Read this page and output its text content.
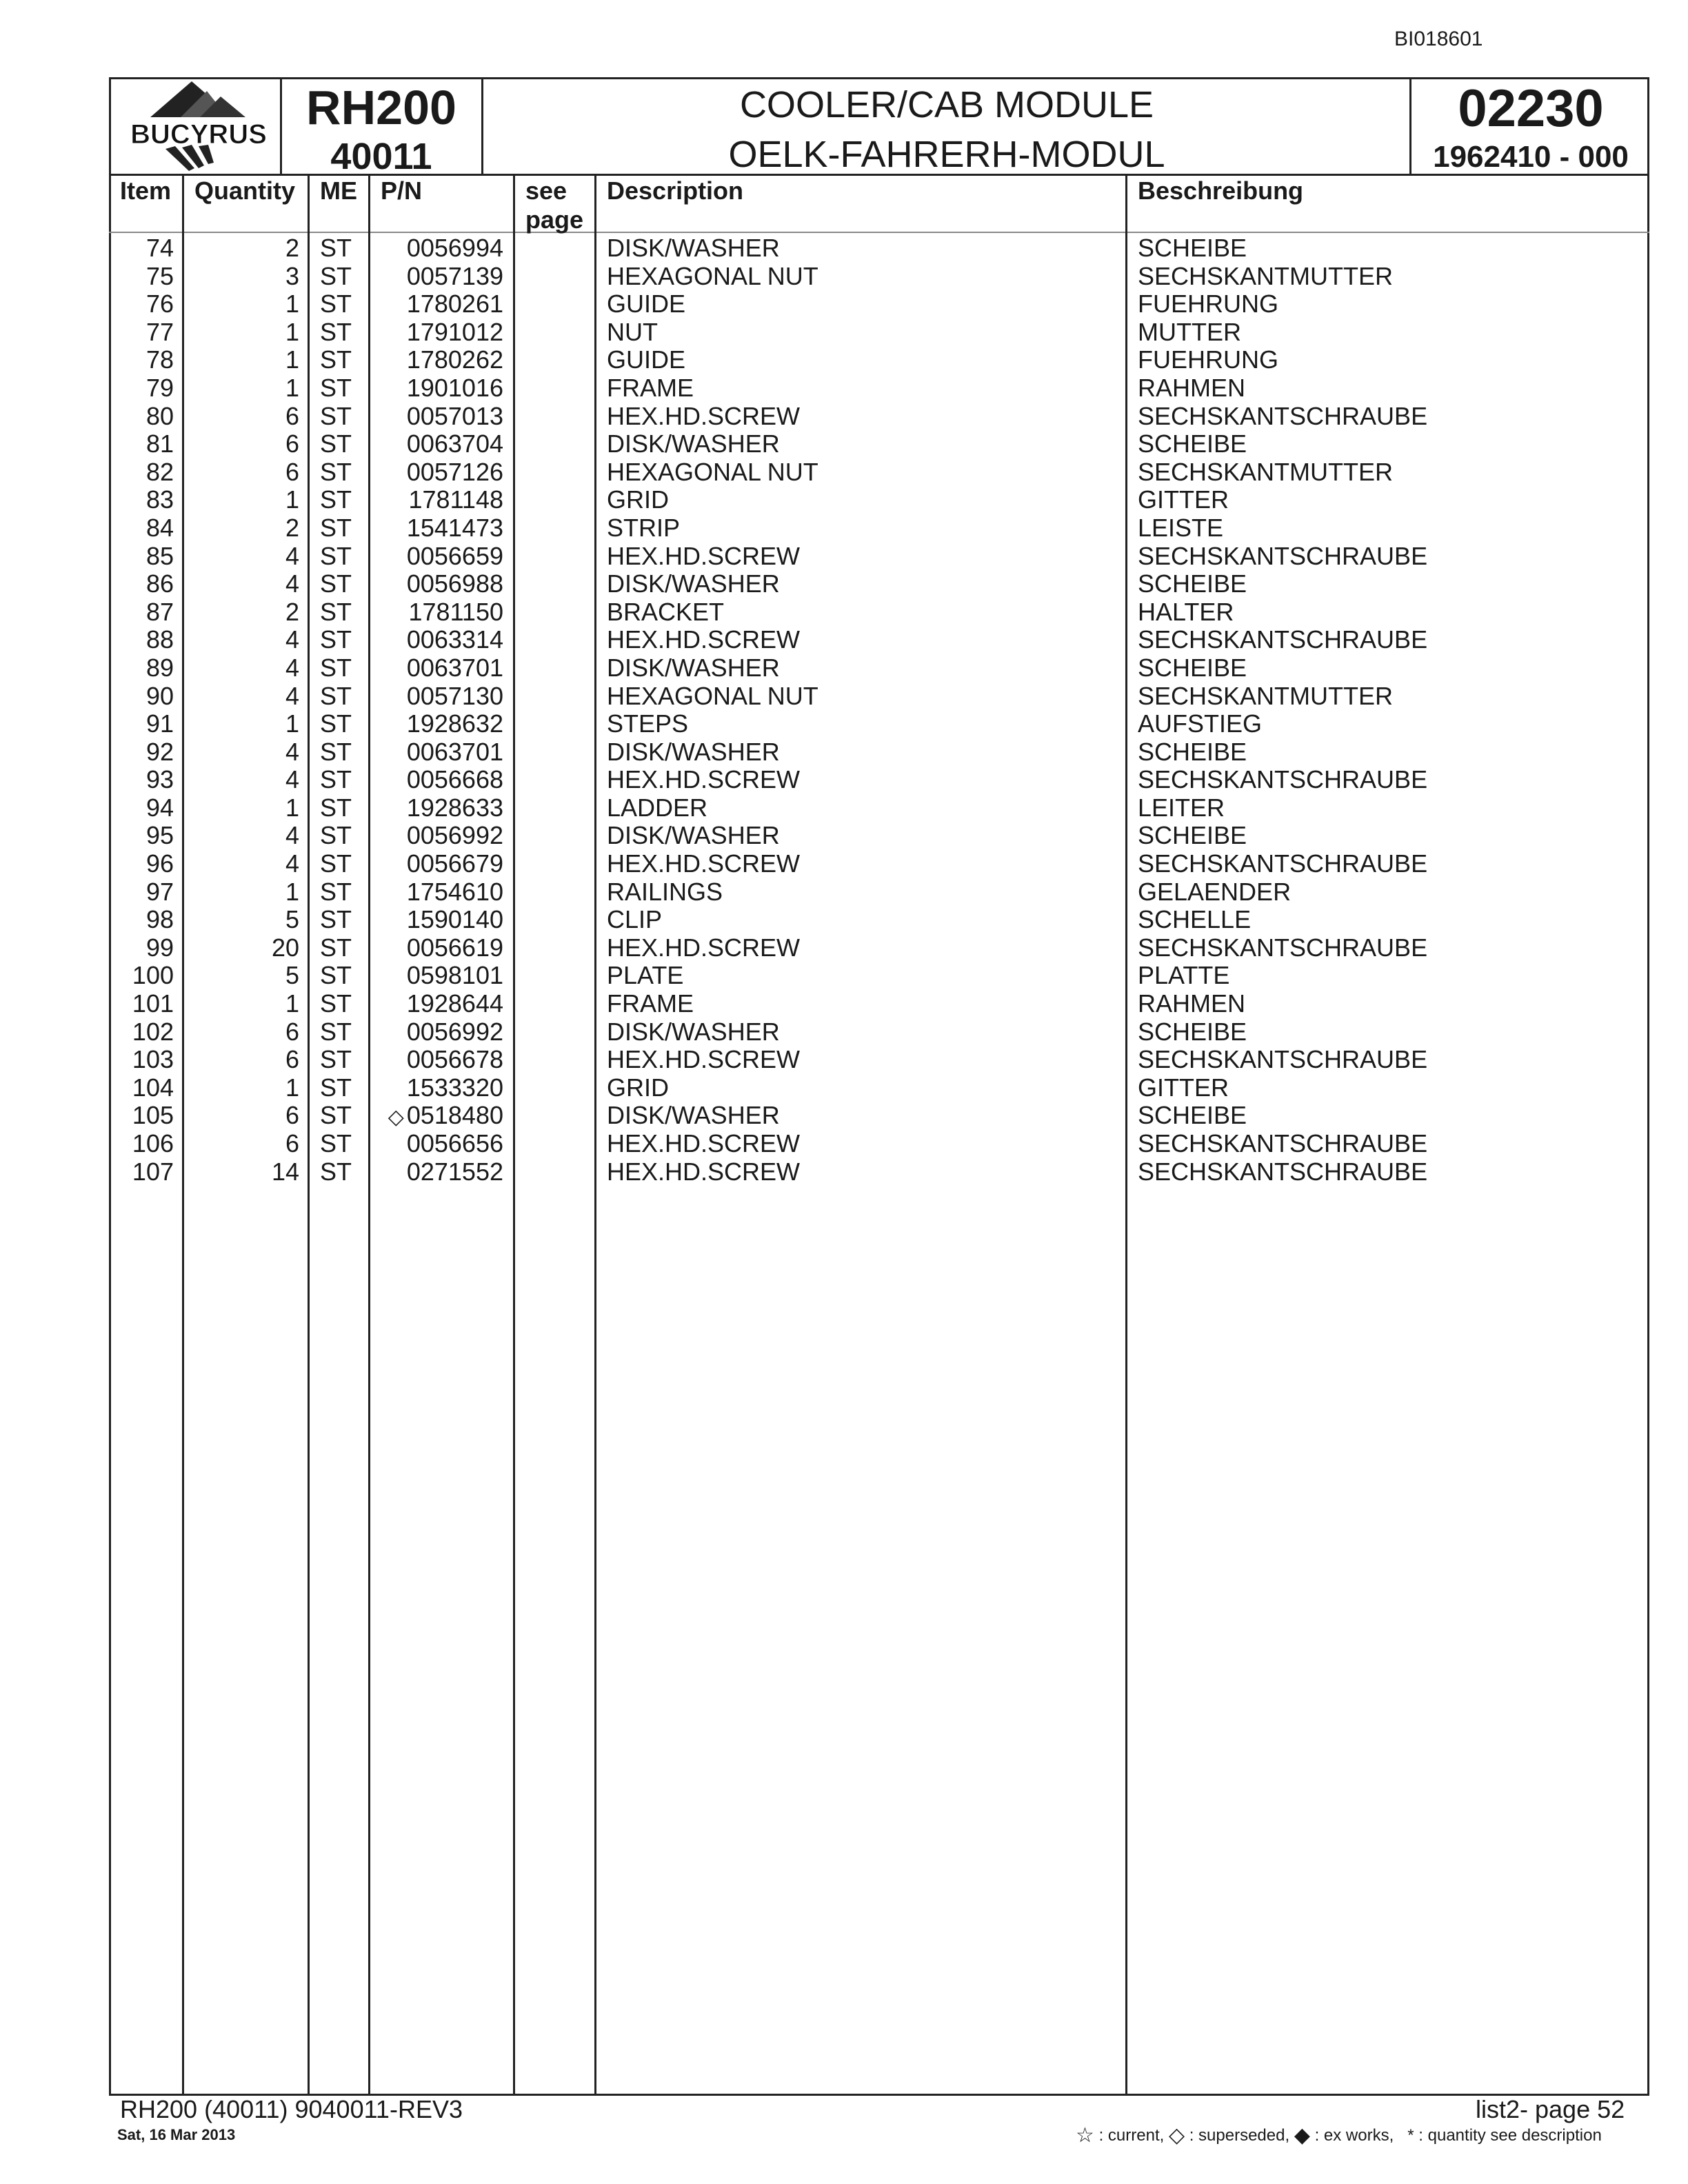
BI018601
BUCYRUS RH200
40011
COOLER/CAB MODULE
OELK-FAHRERH-MODUL
02230
1962410 - 000
Item Quantity ME P/N	see
page
Description	Beschreibung
74	2 ST	0056994	DISK/WASHER	SCHEIBE
75	3 ST	0057139	HEXAGONAL NUT	SECHSKANTMUTTER
76	1 ST	1780261	GUIDE	FUEHRUNG
77	1 ST	1791012	NUT	MUTTER
78	1 ST	1780262	GUIDE	FUEHRUNG
79	1 ST	1901016	FRAME	RAHMEN
80	6 ST	0057013	HEX.HD.SCREW	SECHSKANTSCHRAUBE
81	6 ST	0063704	DISK/WASHER	SCHEIBE
82	6 ST	0057126	HEXAGONAL NUT	SECHSKANTMUTTER
83	1 ST	1781148	GRID	GITTER
84	2 ST	1541473	STRIP	LEISTE
85	4 ST	0056659	HEX.HD.SCREW	SECHSKANTSCHRAUBE
86	4 ST	0056988	DISK/WASHER	SCHEIBE
87	2 ST	1781150	BRACKET	HALTER
88	4 ST	0063314	HEX.HD.SCREW	SECHSKANTSCHRAUBE
89	4 ST	0063701	DISK/WASHER	SCHEIBE
90	4 ST	0057130	HEXAGONAL NUT	SECHSKANTMUTTER
91	1 ST	1928632	STEPS	AUFSTIEG
92	4 ST	0063701	DISK/WASHER	SCHEIBE
93	4 ST	0056668	HEX.HD.SCREW	SECHSKANTSCHRAUBE
94	1 ST	1928633	LADDER	LEITER
95	4 ST	0056992	DISK/WASHER	SCHEIBE
96	4 ST	0056679	HEX.HD.SCREW	SECHSKANTSCHRAUBE
97	1 ST	1754610	RAILINGS	GELAENDER
98	5 ST	1590140	CLIP	SCHELLE
99	20 ST	0056619	HEX.HD.SCREW	SECHSKANTSCHRAUBE
100	5 ST	0598101	PLATE	PLATTE
101	1 ST	1928644	FRAME	RAHMEN
102	6 ST	0056992	DISK/WASHER	SCHEIBE
103	6 ST	0056678	HEX.HD.SCREW	SECHSKANTSCHRAUBE
104	1 ST	1533320	GRID	GITTER
105	6 ST	◇ 0518480	DISK/WASHER	SCHEIBE
106	6 ST	0056656	HEX.HD.SCREW	SECHSKANTSCHRAUBE
107	14 ST	0271552	HEX.HD.SCREW	SECHSKANTSCHRAUBE
RH200 (40011) 9040011-REV3
Sat, 16 Mar 2013
list2- page 52
☆ : current, ◇ : superseded, ◆ : ex works, * : quantity see description
